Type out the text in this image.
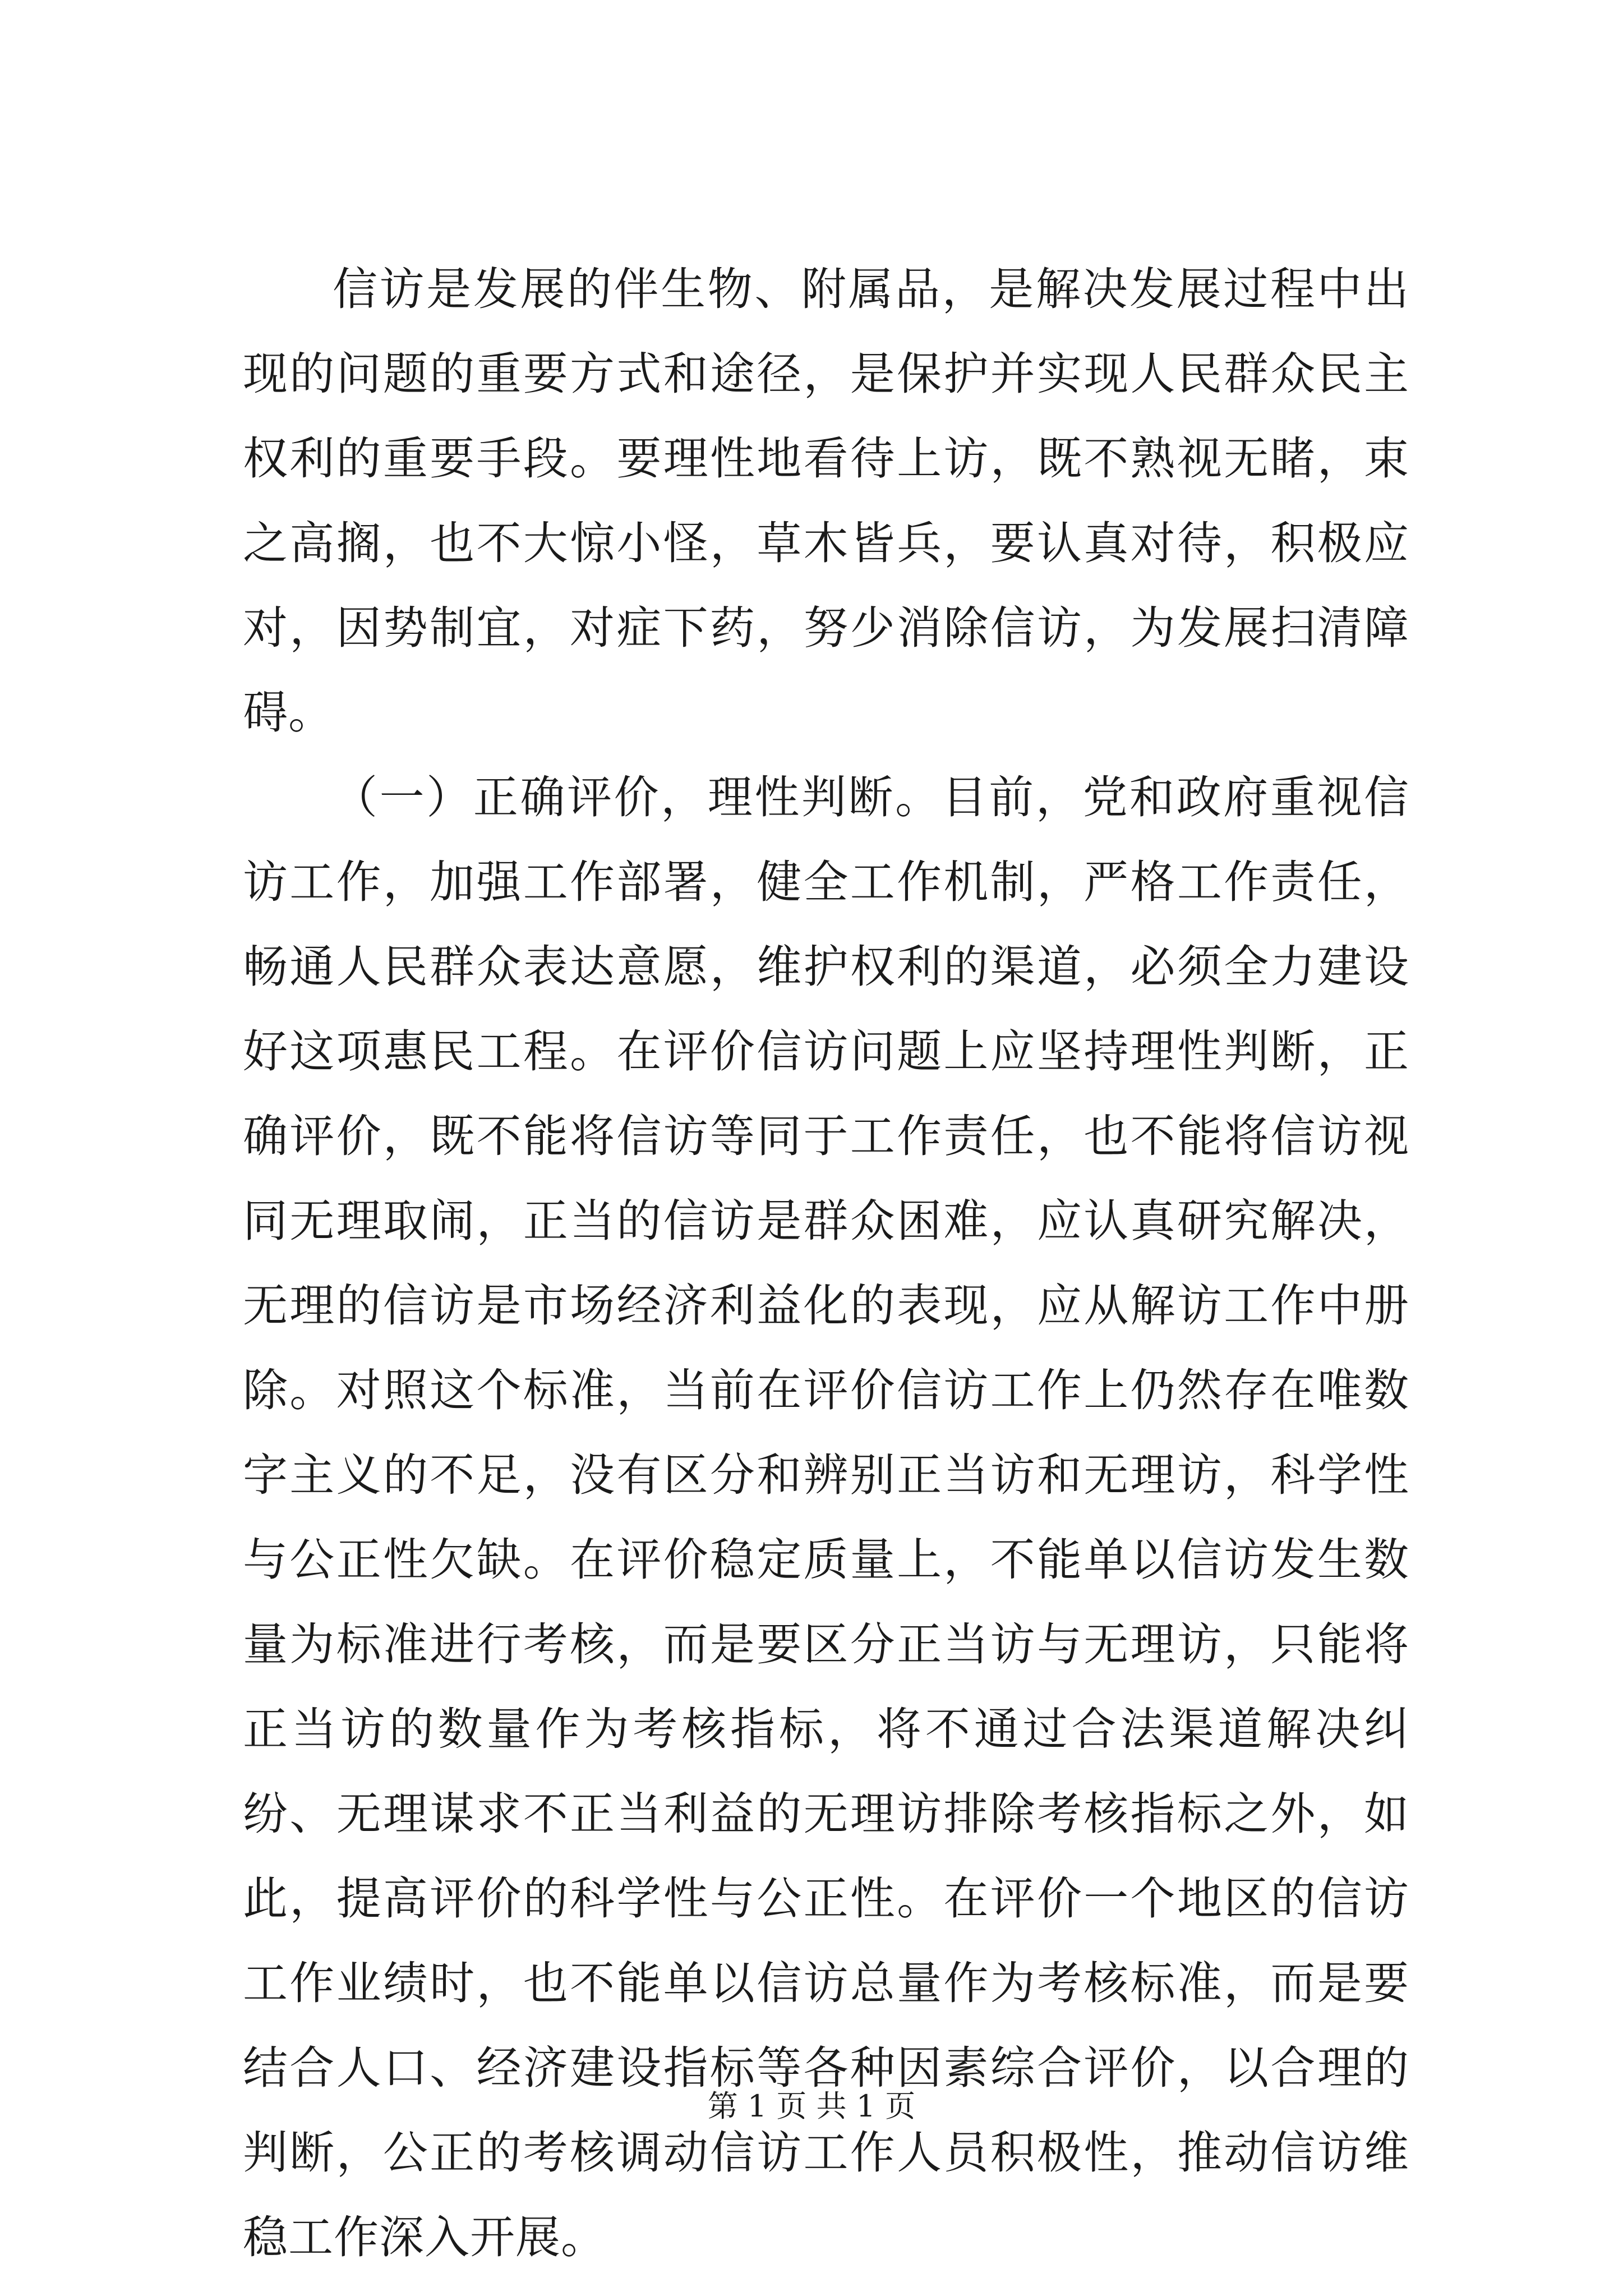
信访是发展的伴生物、附属品，是解决发展过程中出现的问题的重要方式和途径，是保护并实现人民群众民主权利的重要手段。要理性地看待上访，既不熟视无睹，束之高搁，也不大惊小怪，草木皆兵，要认真对待，积极应对，因势制宜，对症下药，努少消除信访，为发展扫清障碍。

（一）正确评价，理性判断。目前，党和政府重视信访工作，加强工作部署，健全工作机制，严格工作责任，畅通人民群众表达意愿，维护权利的渠道，必须全力建设好这项惠民工程。在评价信访问题上应坚持理性判断，正确评价，既不能将信访等同于工作责任，也不能将信访视同无理取闹，正当的信访是群众困难，应认真研究解决，无理的信访是市场经济利益化的表现，应从解访工作中册除。对照这个标准，当前在评价信访工作上仍然存在唯数字主义的不足，没有区分和辨别正当访和无理访，科学性与公正性欠缺。在评价稳定质量上，不能单以信访发生数量为标准进行考核，而是要区分正当访与无理访，只能将正当访的数量作为考核指标，将不通过合法渠道解决纠纷、无理谋求不正当利益的无理访排除考核指标之外，如此，提高评价的科学性与公正性。在评价一个地区的信访工作业绩时，也不能单以信访总量作为考核标准，而是要结合人口、经济建设指标等各种因素综合评价，以合理的判断，公正的考核调动信访工作人员积极性，推动信访维稳工作深入开展。

第 1 页 共 1 页
